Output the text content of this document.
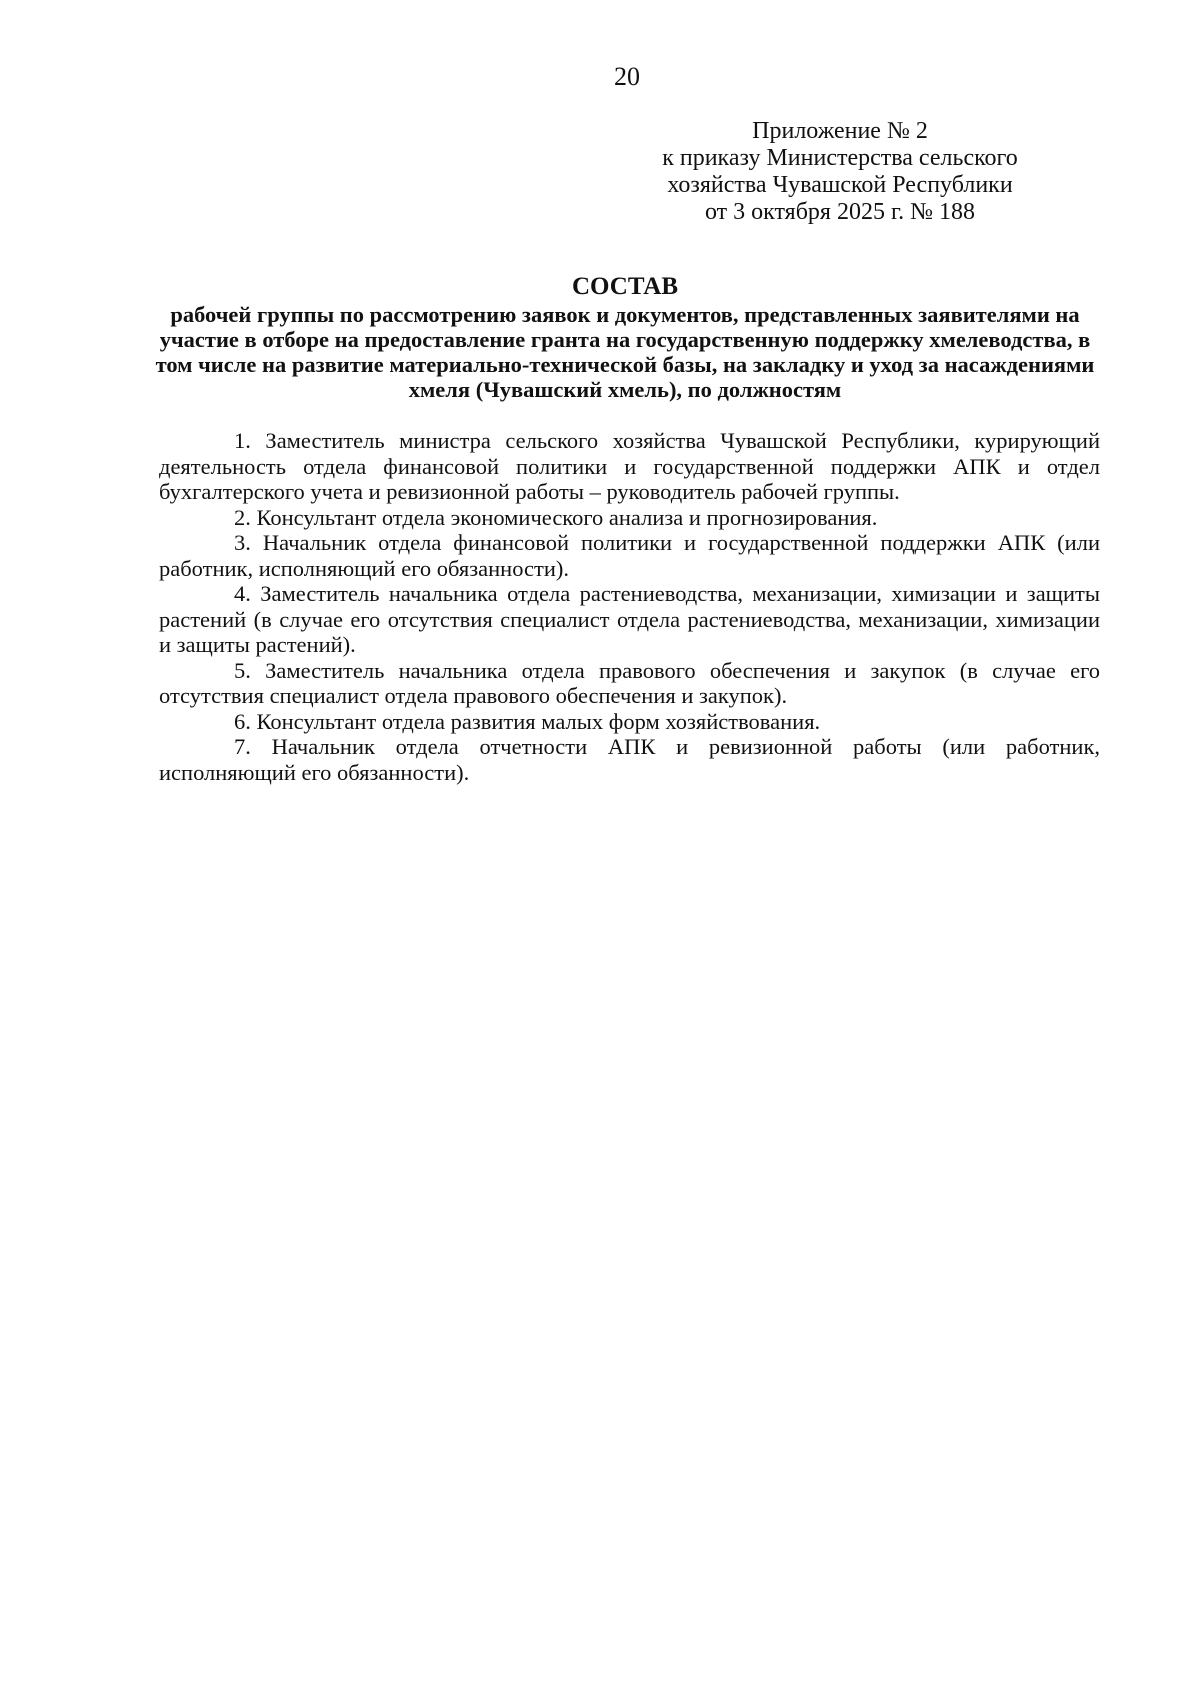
20
Приложение № 2
к приказу Министерства сельского
хозяйства Чувашской Республики
от 3 октября 2025 г. № 188
СОСТАВ
рабочей группы по рассмотрению заявок и документов, представленных заявителями на участие в отборе на предоставление гранта на государственную поддержку хмелеводства, в том числе на развитие материально-технической базы, на закладку и уход за насаждениями хмеля (Чувашский хмель), по должностям

1. Заместитель министра сельского хозяйства Чувашской Республики, курирующий деятельность отдела финансовой политики и государственной поддержки АПК и отдел бухгалтерского учета и ревизионной работы – руководитель рабочей группы.

2. Консультант отдела экономического анализа и прогнозирования.

3. Начальник отдела финансовой политики и государственной поддержки АПК (или работник, исполняющий его обязанности).

4. Заместитель начальника отдела растениеводства, механизации, химизации и защиты растений (в случае его отсутствия специалист отдела растениеводства, механизации, химизации и защиты растений).

5. Заместитель начальника отдела правового обеспечения и закупок (в случае его отсутствия специалист отдела правового обеспечения и закупок).

6. Консультант отдела развития малых форм хозяйствования.

7. Начальник отдела отчетности АПК и ревизионной работы (или работник, исполняющий его обязанности).
